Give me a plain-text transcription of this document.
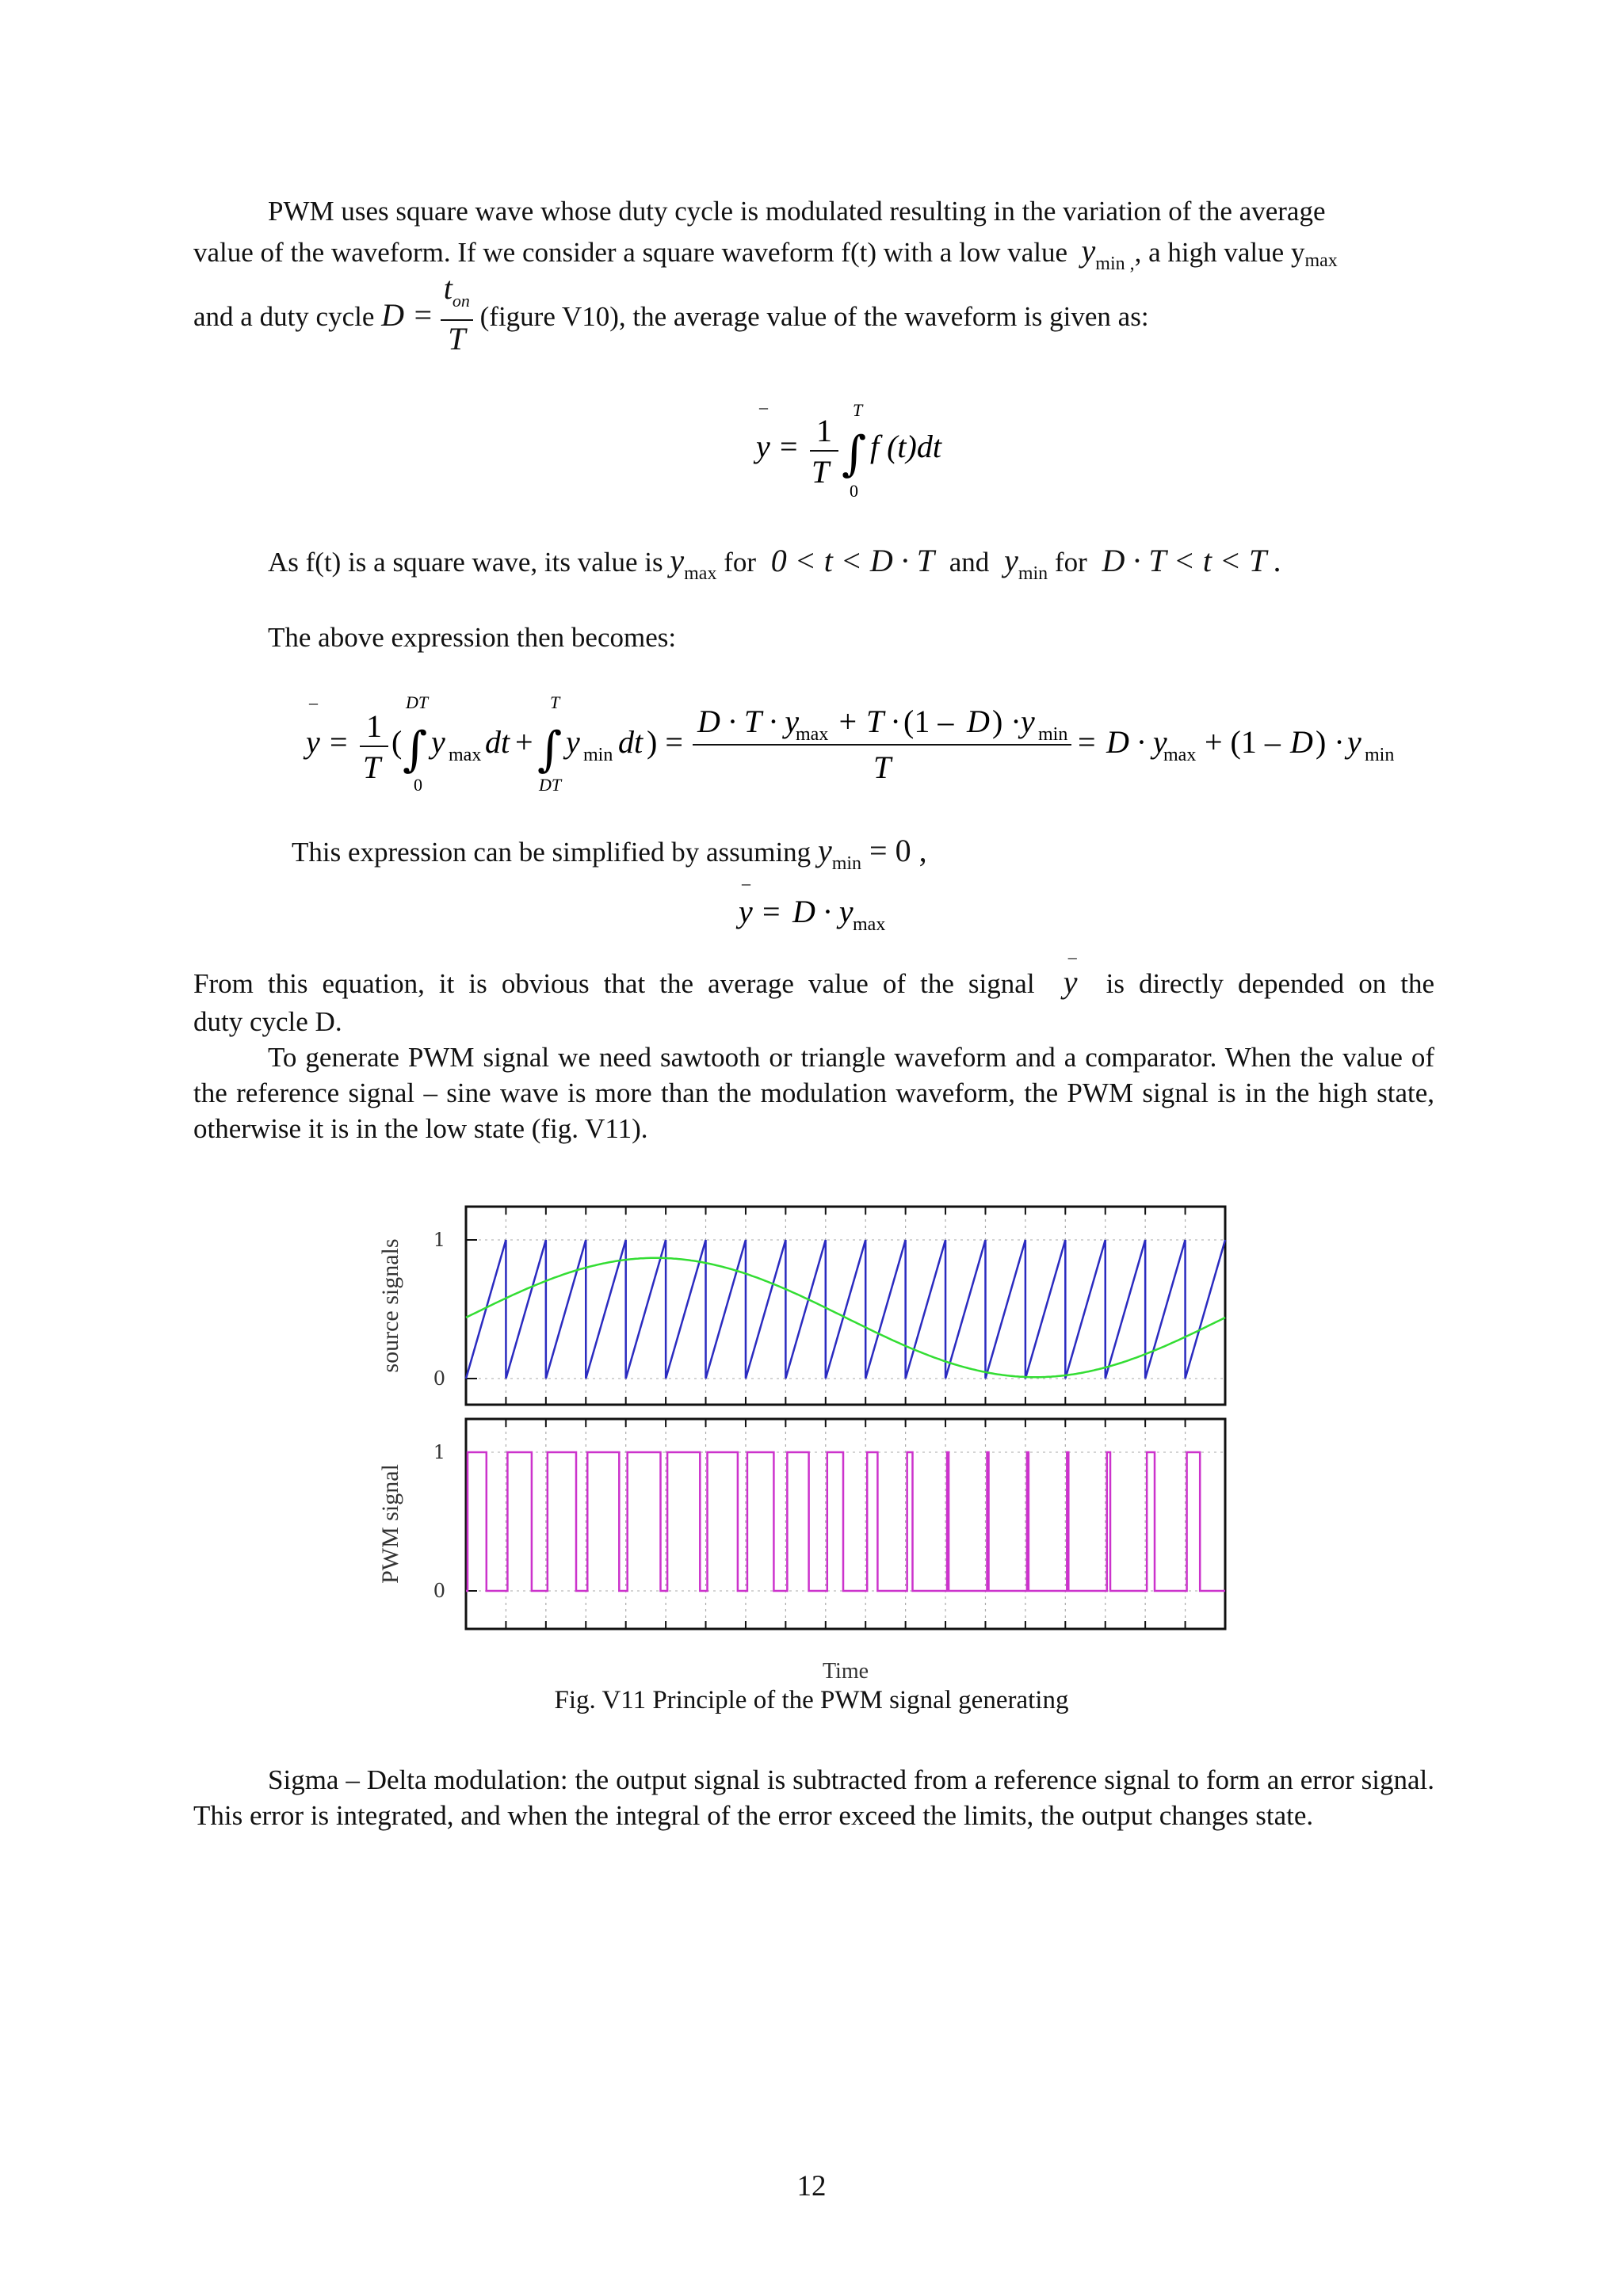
PWM uses square wave whose duty cycle is modulated resulting in the variation of the average
value of the waveform. If we consider a square waveform f(t) with a low value $y_{min ,}$, a high value ymax
and a duty cycle $D = \frac{t_{on}}{T}$ (figure V10), the average value of the waveform is given as:
–
y = 1
T ∫
T
0
f (t)dt
As f(t) is a square wave, its value is $y_{max}$ for  0 < t < D · T  and  $y_{min}$ for  D · T < t < T .
The above expression then becomes:
–
y = 1
T
( ∫
DT
0
y max dt + ∫
T
DT
y min dt ) =
D · T · y
max + T · (1 – D ) · y min
T
= D · y
max + (1 – D ) · y min
This expression can be simplified by assuming $y_{min} = 0$ ,
–
y = D · y max
From this equation, it is obvious that the average value of the signal  – y is directly depended on the
duty cycle D.
To generate PWM signal we need sawtooth or triangle waveform and a comparator. When the value of the reference signal – sine wave is more than the modulation waveform, the PWM signal is in the high state, otherwise it is in the low state (fig. V11).
1
0
source signals
1
0
PWM signal
Time
Fig. V11 Principle of the PWM signal generating
Sigma – Delta modulation: the output signal is subtracted from a reference signal to form an error signal. This error is integrated, and when the integral of the error exceed the limits, the output changes state.
12
